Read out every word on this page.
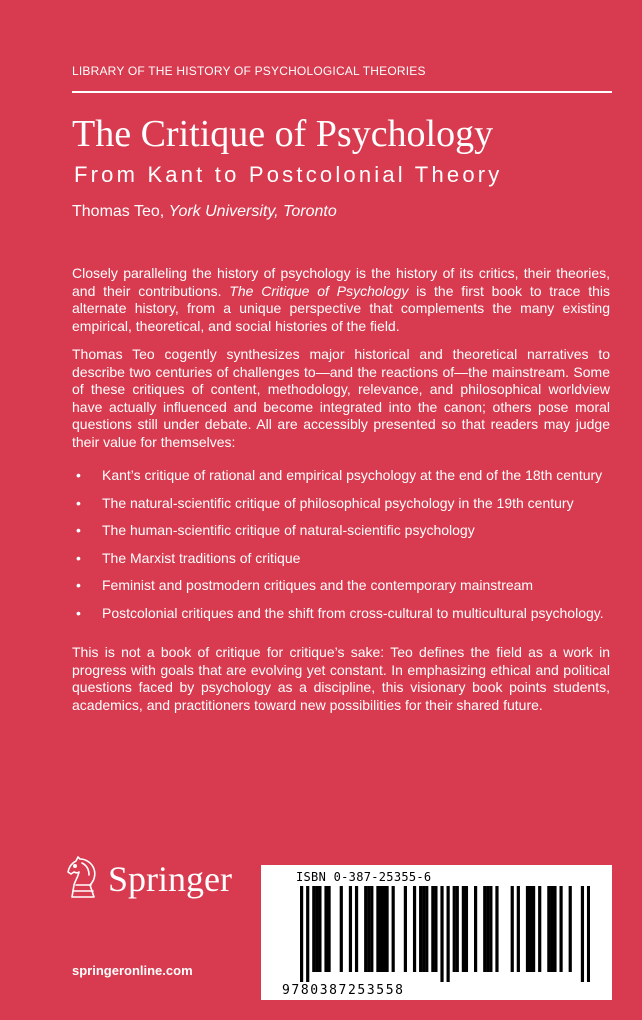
LIBRARY OF THE HISTORY OF PSYCHOLOGICAL THEORIES
The Critique of Psychology
From Kant to Postcolonial Theory
Thomas Teo, York University, Toronto

Closely paralleling the history of psychology is the history of its critics, their theories, and their contributions. The Critique of Psychology is the first book to trace this alternate history, from a unique perspective that complements the many existing empirical, theoretical, and social histories of the field.

Thomas Teo cogently synthesizes major historical and theoretical narratives to describe two centuries of challenges to—and the reactions of—the mainstream. Some of these critiques of content, methodology, relevance, and philosophical worldview have actually influenced and become integrated into the canon; others pose moral questions still under debate. All are accessibly presented so that readers may judge their value for themselves:

• Kant’s critique of rational and empirical psychology at the end of the 18th century
• The natural-scientific critique of philosophical psychology in the 19th century
• The human-scientific critique of natural-scientific psychology
• The Marxist traditions of critique
• Feminist and postmodern critiques and the contemporary mainstream
• Postcolonial critiques and the shift from cross-cultural to multicultural psychology.

This is not a book of critique for critique’s sake: Teo defines the field as a work in progress with goals that are evolving yet constant. In emphasizing ethical and political questions faced by psychology as a discipline, this visionary book points students, academics, and practitioners toward new possibilities for their shared future.

Springer
springeronline.com
ISBN 0-387-25355-6
9780387253558
